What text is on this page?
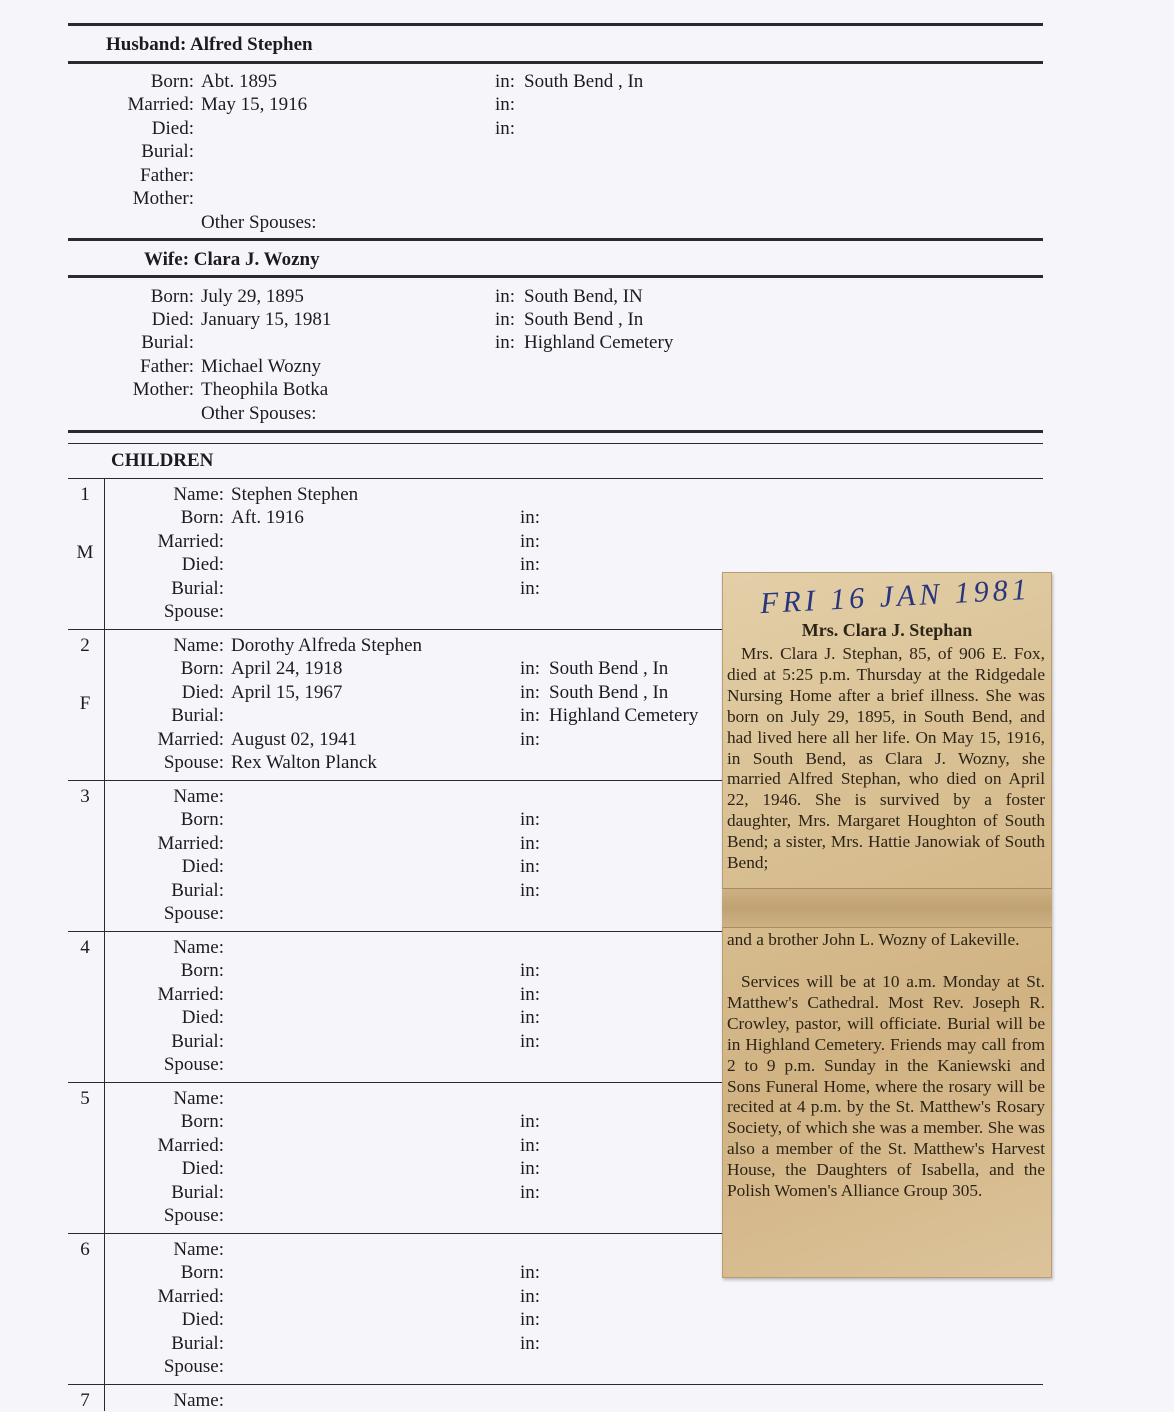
Husband: Alfred Stephen
Born: Abt. 1895	in: South Bend , In
Married: May 15, 1916	in:
Died:	in:
Burial:
Father:
Mother:
Other Spouses:
Wife: Clara J. Wozny
Born: July 29, 1895	in: South Bend, IN
Died: January 15, 1981	in: South Bend , In
Burial:	in: Highland Cemetery
Father: Michael Wozny
Mother: Theophila Botka
Other Spouses:
CHILDREN
1
M
Name: Stephen Stephen
Born: Aft. 1916	in:
Married:	in:
Died:	in:
Burial:	in:
Spouse:
2
F
Name: Dorothy Alfreda Stephen
Born: April 24, 1918	in: South Bend , In
Died: April 15, 1967	in: South Bend , In
Burial:	in: Highland Cemetery
Married: August 02, 1941	in:
Spouse: Rex Walton Planck
3	Name:
Born:	in:
Married:	in:
Died:	in:
Burial:	in:
Spouse:
4	Name:
Born:	in:
Married:	in:
Died:	in:
Burial:	in:
Spouse:
5	Name:
Born:	in:
Married:	in:
Died:	in:
Burial:	in:
Spouse:
6	Name:
Born:	in:
Married:	in:
Died:	in:
Burial:	in:
Spouse:
7	Name:
FRI 16 JAN 1981
Mrs. Clara J. Stephan
Mrs. Clara J. Stephan, 85, of 906 E. Fox, died at 5:25 p.m. Thursday at the Ridgedale Nursing Home after a brief illness. She was born on July 29, 1895, in South Bend, and had lived here all her life. On May 15, 1916, in South Bend, as Clara J. Wozny, she married Alfred Stephan, who died on April 22, 1946. She is survived by a foster daughter, Mrs. Margaret Houghton of South Bend; a sister, Mrs. Hattie Janowiak of South Bend;
and a brother John L. Wozny of Lakeville.
Services will be at 10 a.m. Monday at St. Matthew's Cathedral. Most Rev. Joseph R. Crowley, pastor, will officiate. Burial will be in Highland Cemetery. Friends may call from 2 to 9 p.m. Sunday in the Kaniewski and Sons Funeral Home, where the rosary will be recited at 4 p.m. by the St. Matthew's Rosary Society, of which she was a member. She was also a member of the St. Matthew's Harvest House, the Daughters of Isabella, and the Polish Women's Alliance Group 305.
